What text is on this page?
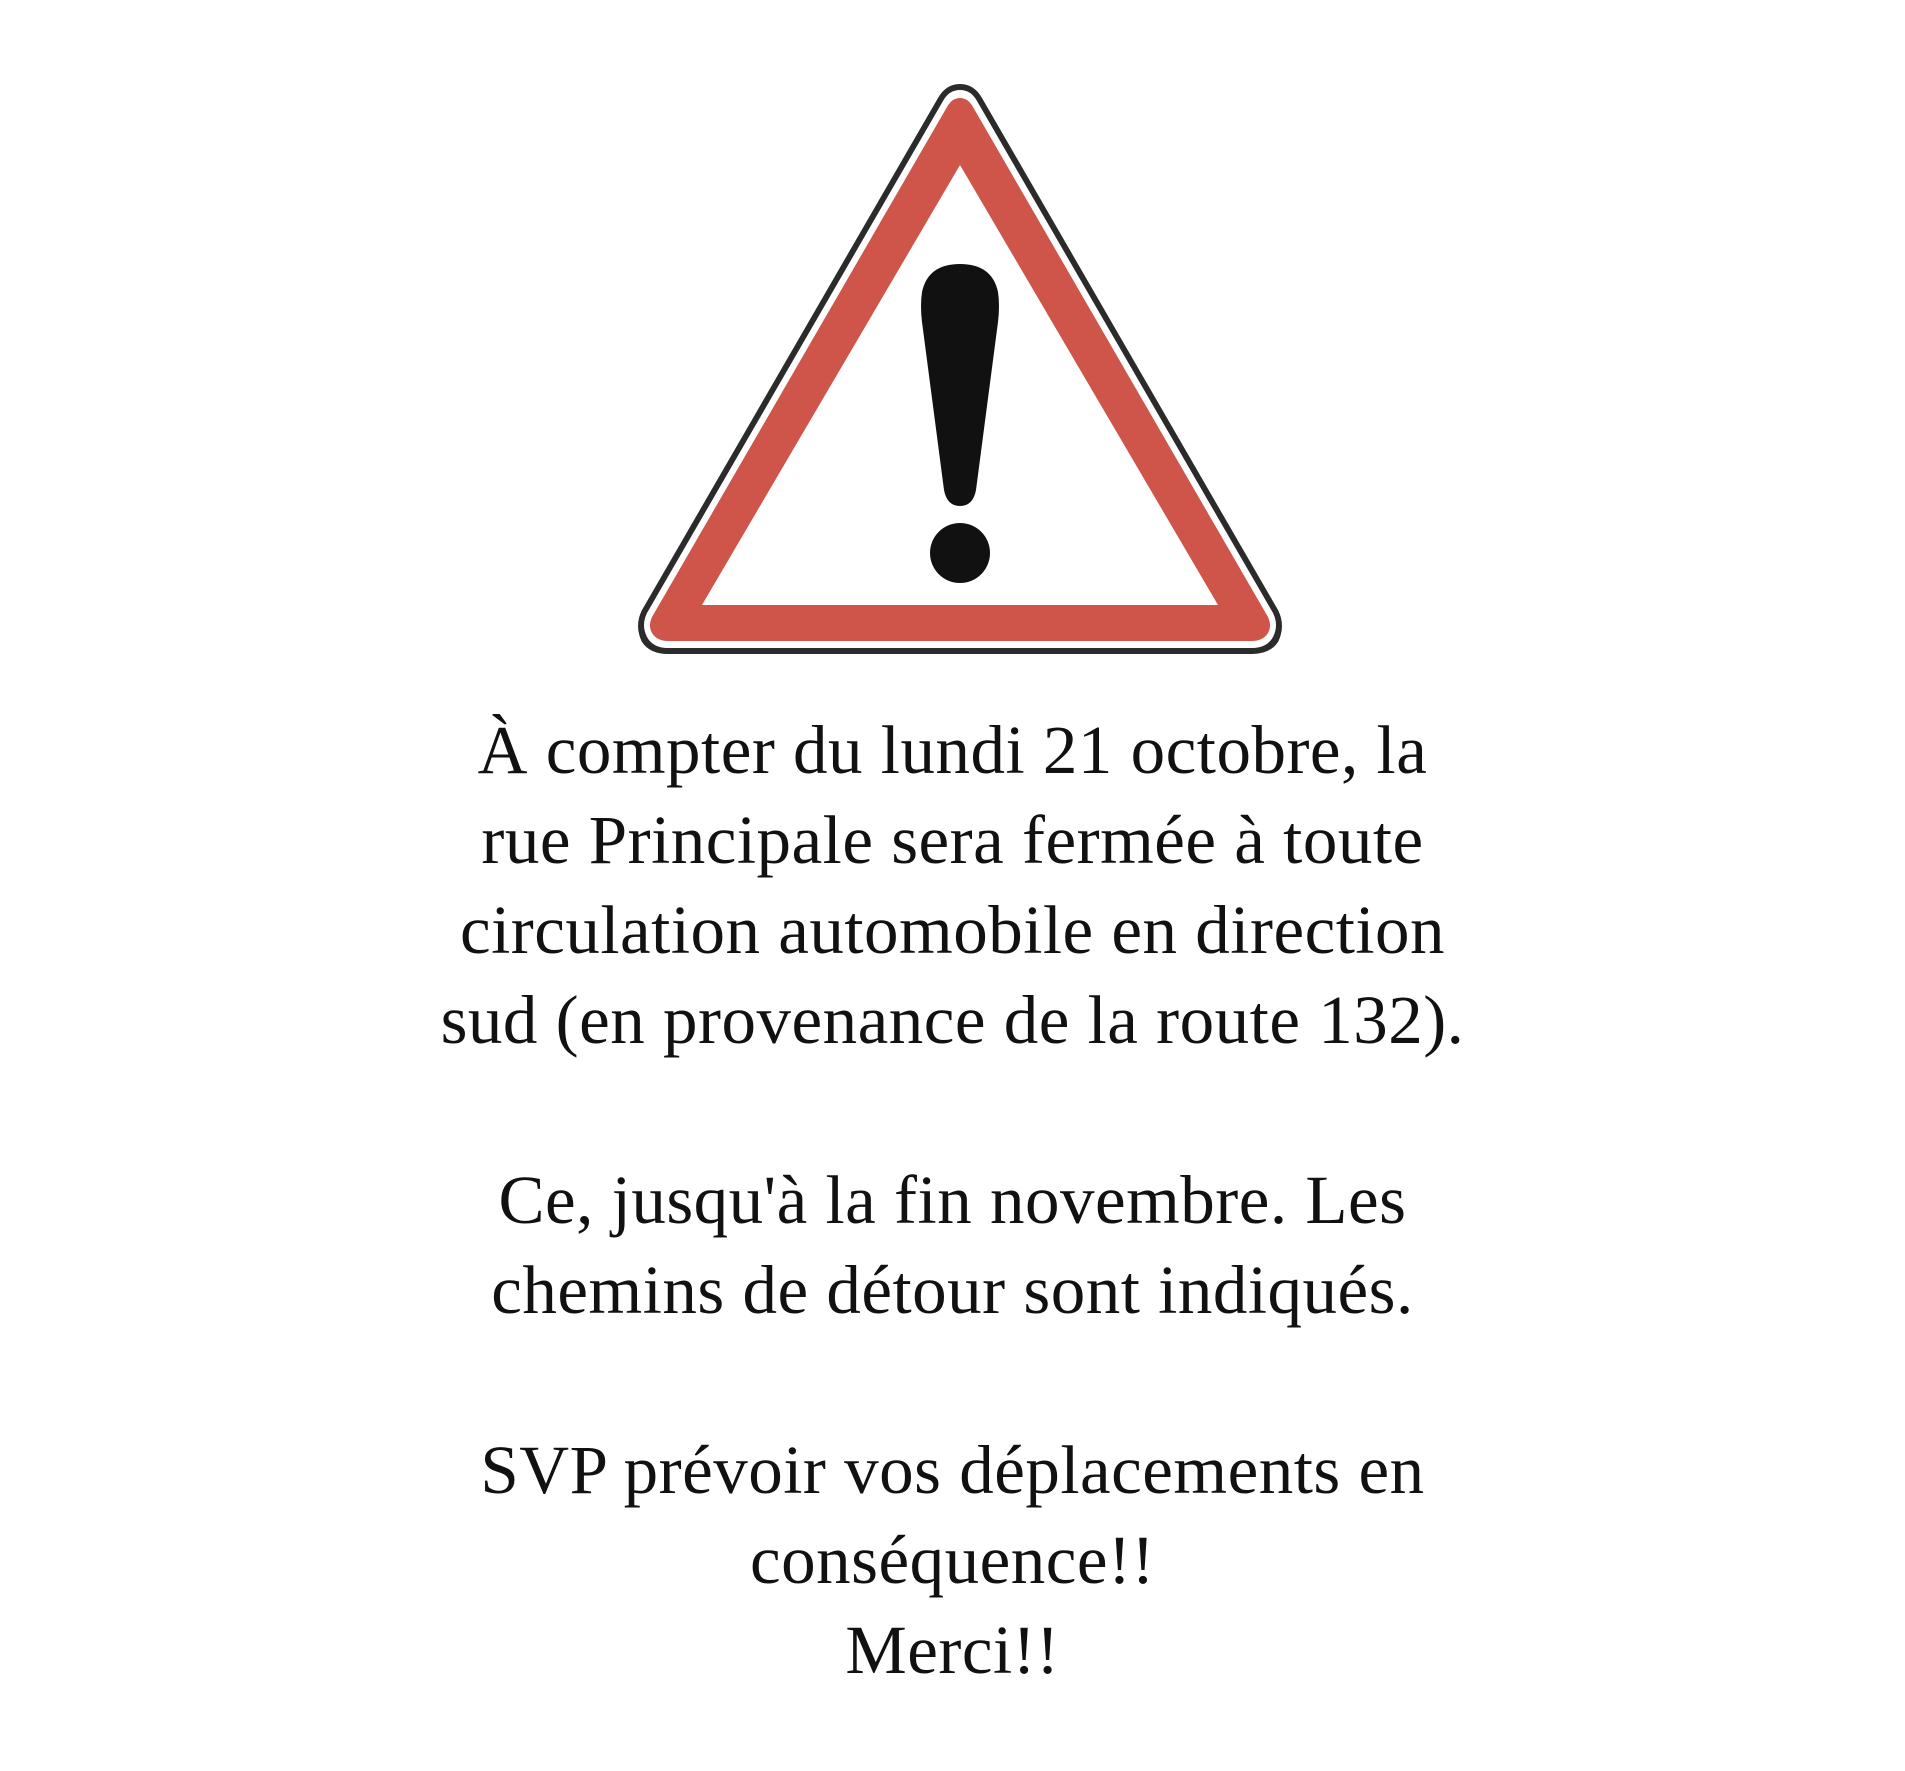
À compter du lundi 21 octobre, la
rue Principale sera fermée à toute
circulation automobile en direction
sud (en provenance de la route 132).

Ce, jusqu'à la fin novembre. Les
chemins de détour sont indiqués.

SVP prévoir vos déplacements en
conséquence!!
Merci!!
